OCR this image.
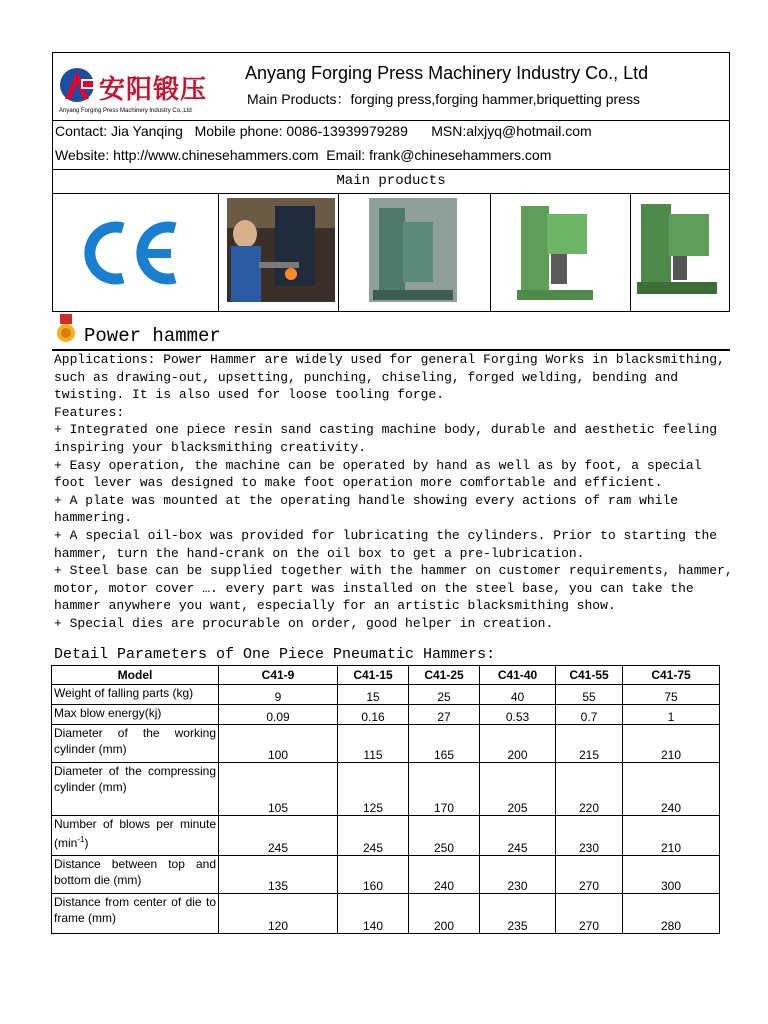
安阳锻压
Anyang Forging Press Machinery Industry Co.,Ltd
Anyang Forging Press Machinery Industry Co., Ltd
Main Products：forging press,forging hammer,briquetting press
Contact: Jia Yanqing Mobile phone: 0086-13939979289 MSN:alxjyq@hotmail.com
Website: http://www.chinesehammers.com Email: frank@chinesehammers.com
Main products
Power hammer
Applications: Power Hammer are widely used for general Forging Works in blacksmithing,
such as drawing-out, upsetting, punching, chiseling, forged welding, bending and
twisting. It is also used for loose tooling forge.
Features:
+ Integrated one piece resin sand casting machine body, durable and aesthetic feeling
inspiring your blacksmithing creativity.
+ Easy operation, the machine can be operated by hand as well as by foot, a special
foot lever was designed to make foot operation more comfortable and efficient.
+ A plate was mounted at the operating handle showing every actions of ram while
hammering.
+ A special oil-box was provided for lubricating the cylinders. Prior to starting the
hammer, turn the hand-crank on the oil box to get a pre-lubrication.
+ Steel base can be supplied together with the hammer on customer requirements, hammer,
motor, motor cover …. every part was installed on the steel base, you can take the
hammer anywhere you want, especially for an artistic blacksmithing show.
+ Special dies are procurable on order, good helper in creation.
Detail Parameters of One Piece Pneumatic Hammers:
Model	C41-9	C41-15	C41-25	C41-40	C41-55	C41-75
Weight of falling parts (kg)	9	15	25	40	55	75
Max blow energy(kj)	0.09	0.16	27	0.53	0.7	1
Diameter of the working cylinder (mm)	100	115	165	200	215	210
Diameter of the compressing cylinder (mm)	105	125	170	205	220	240
Number of blows per minute $(\min^{-1})$	245	245	250	245	230	210
Distance between top and bottom die (mm)	135	160	240	230	270	300
Distance from center of die to frame (mm)	120	140	200	235	270	280
